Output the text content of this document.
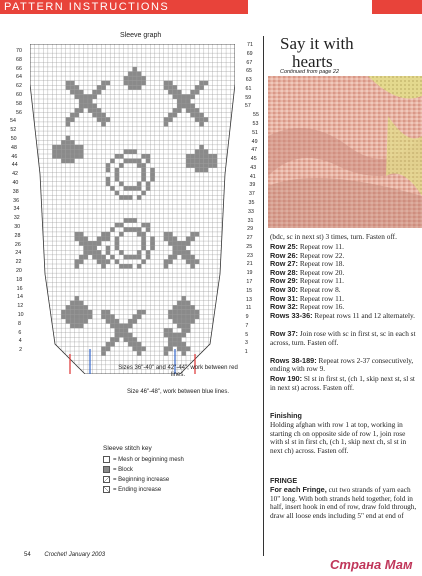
PATTERN INSTRUCTIONS
Sleeve graph
70
68
66
64
62
60
58
56
54
52
50
48
46
44
42
40
38
36
34
32
30
28
26
24
22
20
18
16
14
12
10
8
6
4
2
71
69
67
65
63
61
59
57
55
53
51
49
47
45
43
41
39
37
35
33
31
29
27
25
23
21
19
17
15
13
11
9
7
5
3
1
Sizes 36"-40" and 42"-44", work between red lines.
Size 46"-48", work between blue lines.
Sleeve stitch key
= Mesh or beginning mesh
= Block
= Beginning increase
= Ending increase
Say it with
hearts
Continued from page 22
(bdc, sc in next st) 3 times, turn. Fasten off.
Row 25: Repeat row 11.
Row 26: Repeat row 22.
Row 27: Repeat row 18.
Row 28: Repeat row 20.
Row 29: Repeat row 11.
Row 30: Repeat row 8.
Row 31: Repeat row 11.
Row 32: Repeat row 16.
Rows 33-36: Repeat rows 11 and 12 alternately.
Row 37: Join rose with sc in first st, sc in each st across, turn. Fasten off.
Rows 38-189: Repeat rows 2-37 consecutively, ending with row 9.
Row 190: Sl st in first st, (ch 1, skip next st, sl st in next st) across. Fasten off.
Finishing
Holding afghan with row 1 at top, working in starting ch on opposite side of row 1, join rose with sl st in first ch, (ch 1, skip next ch, sl st in next ch) across. Fasten off.
FRINGE
For each Fringe, cut two strands of yarn each 10" long. With both strands held together, fold in half, insert hook in end of row, draw fold through, draw all loose ends including 5" end at end of
54 Crochet! January 2003
Страна Мам
